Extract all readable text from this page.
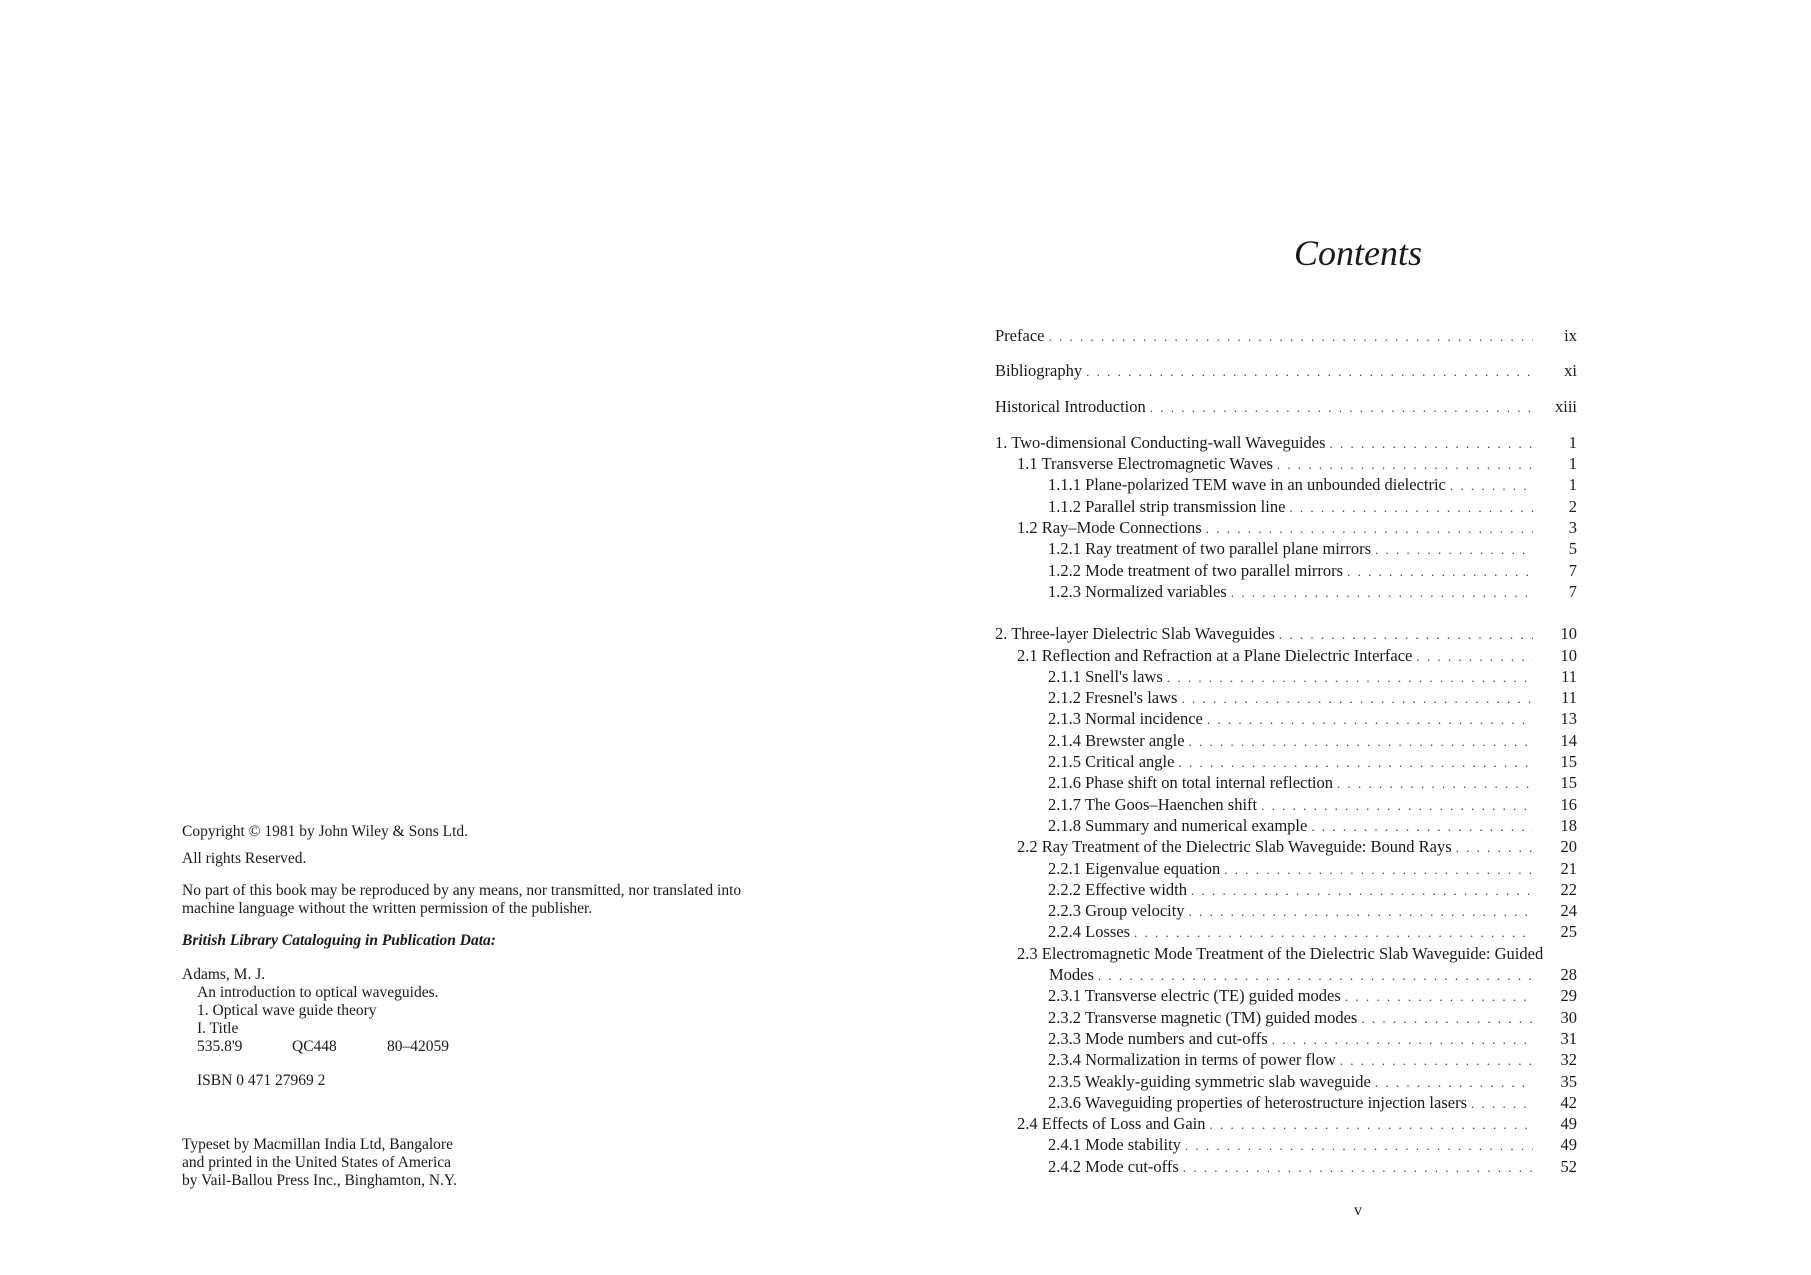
Copyright © 1981 by John Wiley & Sons Ltd.

All rights Reserved.

No part of this book may be reproduced by any means, nor transmitted, nor translated into
machine language without the written permission of the publisher.

British Library Cataloguing in Publication Data:

Adams, M. J.
An introduction to optical waveguides.
1. Optical wave guide theory
I. Title
535.8'9	QC448	80–42059

ISBN 0 471 27969 2

Typeset by Macmillan India Ltd, Bangalore
and printed in the United States of America
by Vail-Ballou Press Inc., Binghamton, N.Y.

Contents
Preface . . .	ix
Bibliography . . .	xi
Historical Introduction . . .	xiii
1. Two-dimensional Conducting-wall Waveguides . . .	1
1.1 Transverse Electromagnetic Waves . . .	1
1.1.1 Plane-polarized TEM wave in an unbounded dielectric . . .	1
1.1.2 Parallel strip transmission line . . .	2
1.2 Ray–Mode Connections . . .	3
1.2.1 Ray treatment of two parallel plane mirrors . . .	5
1.2.2 Mode treatment of two parallel mirrors . . .	7
1.2.3 Normalized variables . . .	7
2. Three-layer Dielectric Slab Waveguides . . .	10
2.1 Reflection and Refraction at a Plane Dielectric Interface . . .	10
2.1.1 Snell's laws . . .	11
2.1.2 Fresnel's laws . . .	11
2.1.3 Normal incidence . . .	13
2.1.4 Brewster angle . . .	14
2.1.5 Critical angle . . .	15
2.1.6 Phase shift on total internal reflection . . .	15
2.1.7 The Goos–Haenchen shift . . .	16
2.1.8 Summary and numerical example . . .	18
2.2 Ray Treatment of the Dielectric Slab Waveguide: Bound Rays . . .	20
2.2.1 Eigenvalue equation . . .	21
2.2.2 Effective width . . .	22
2.2.3 Group velocity . . .	24
2.2.4 Losses . . .	25
2.3 Electromagnetic Mode Treatment of the Dielectric Slab Waveguide: Guided
Modes . . .	28
2.3.1 Transverse electric (TE) guided modes . . .	29
2.3.2 Transverse magnetic (TM) guided modes . . .	30
2.3.3 Mode numbers and cut-offs . . .	31
2.3.4 Normalization in terms of power flow . . .	32
2.3.5 Weakly-guiding symmetric slab waveguide . . .	35
2.3.6 Waveguiding properties of heterostructure injection lasers . . .	42
2.4 Effects of Loss and Gain . . .	49
2.4.1 Mode stability . . .	49
2.4.2 Mode cut-offs . . .	52
v
